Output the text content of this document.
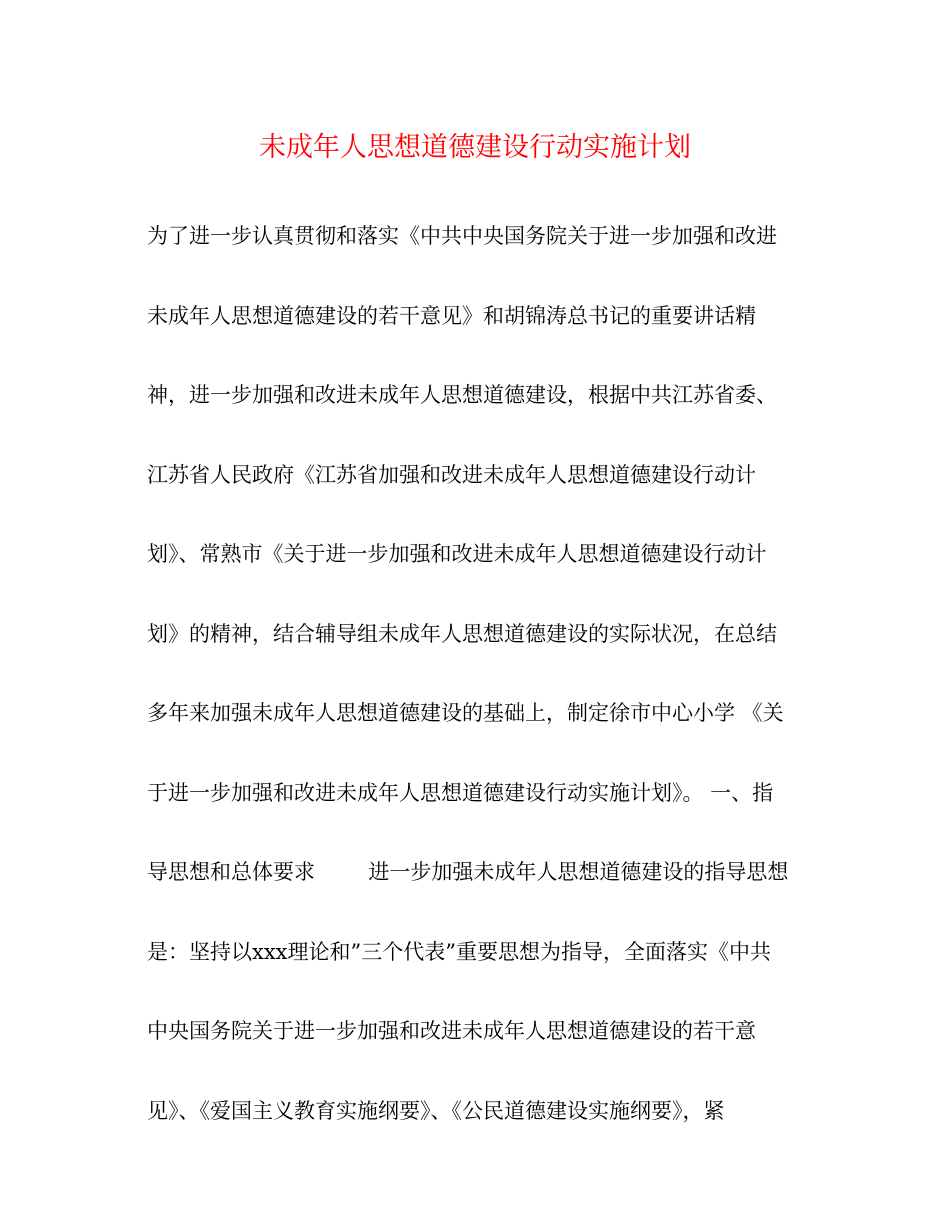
未成年人思想道德建设行动实施计划
为了进一步认真贯彻和落实《中共中央国务院关于进一步加强和改进
未成年人思想道德建设的若干意见》和胡锦涛总书记的重要讲话精
神，进一步加强和改进未成年人思想道德建设，根据中共江苏省委、
江苏省人民政府《江苏省加强和改进未成年人思想道德建设行动计
划》、常熟市《关于进一步加强和改进未成年人思想道德建设行动计
划》的精神，结合辅导组未成年人思想道德建设的实际状况，在总结
多年来加强未成年人思想道德建设的基础上，制定徐市中心小学 《关
于进一步加强和改进未成年人思想道德建设行动实施计划》。 一、指
导思想和总体要求        进一步加强未成年人思想道德建设的指导思想
是：坚持以xxx理论和”三个代表”重要思想为指导，全面落实《中共
中央国务院关于进一步加强和改进未成年人思想道德建设的若干意
见》、《爱国主义教育实施纲要》、《公民道德建设实施纲要》，紧
